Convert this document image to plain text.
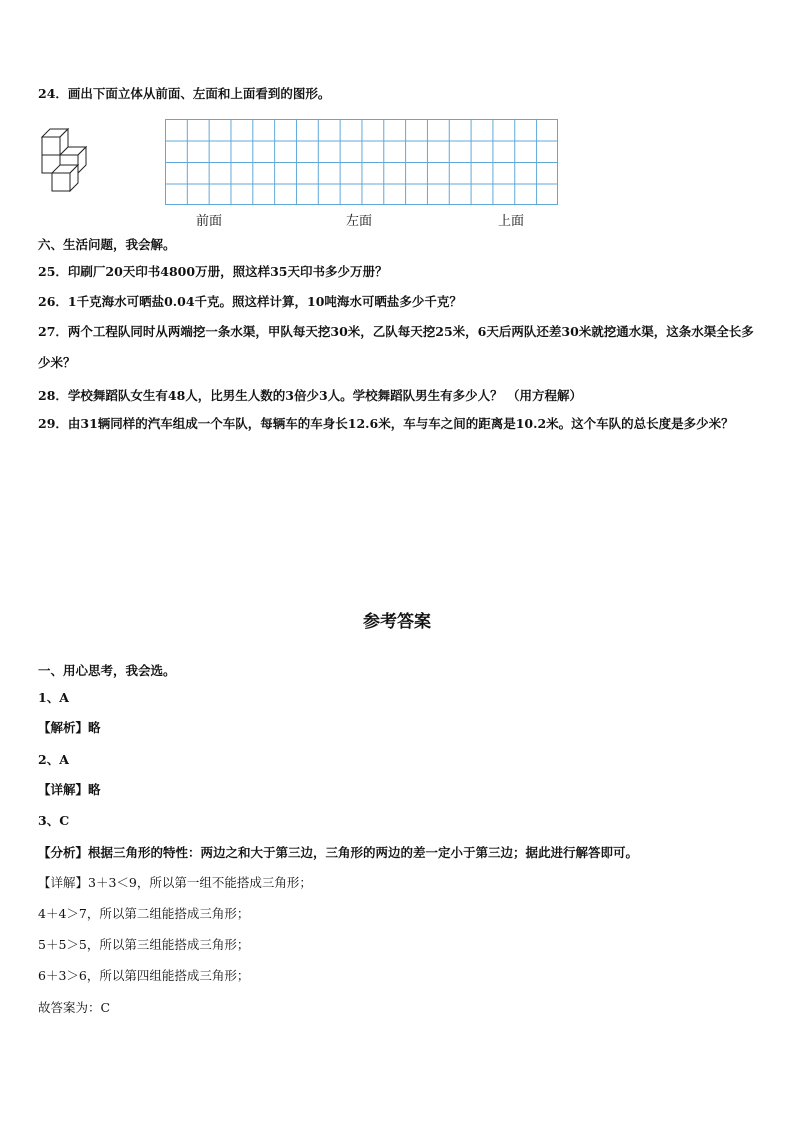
24．画出下面立体从前面、左面和上面看到的图形。
前面	左面	上面
六、生活问题，我会解。
25．印刷厂20天印书4800万册，照这样35天印书多少万册？
26．1千克海水可晒盐0.04千克。照这样计算，10吨海水可晒盐多少千克？
27．两个工程队同时从两端挖一条水渠，甲队每天挖30米，乙队每天挖25米，6天后两队还差30米就挖通水渠，这条水渠全长多少米？
28．学校舞蹈队女生有48人，比男生人数的3倍少3人。学校舞蹈队男生有多少人？ （用方程解）
29．由31辆同样的汽车组成一个车队，每辆车的车身长12.6米，车与车之间的距离是10.2米。这个车队的总长度是多少米？
参考答案
一、用心思考，我会选。
1、A
【解析】略
2、A
【详解】略
3、C
【分析】根据三角形的特性：两边之和大于第三边，三角形的两边的差一定小于第三边；据此进行解答即可。
【详解】3＋3＜9，所以第一组不能搭成三角形；
4＋4＞7，所以第二组能搭成三角形；
5＋5＞5，所以第三组能搭成三角形；
6＋3＞6，所以第四组能搭成三角形；
故答案为：C
